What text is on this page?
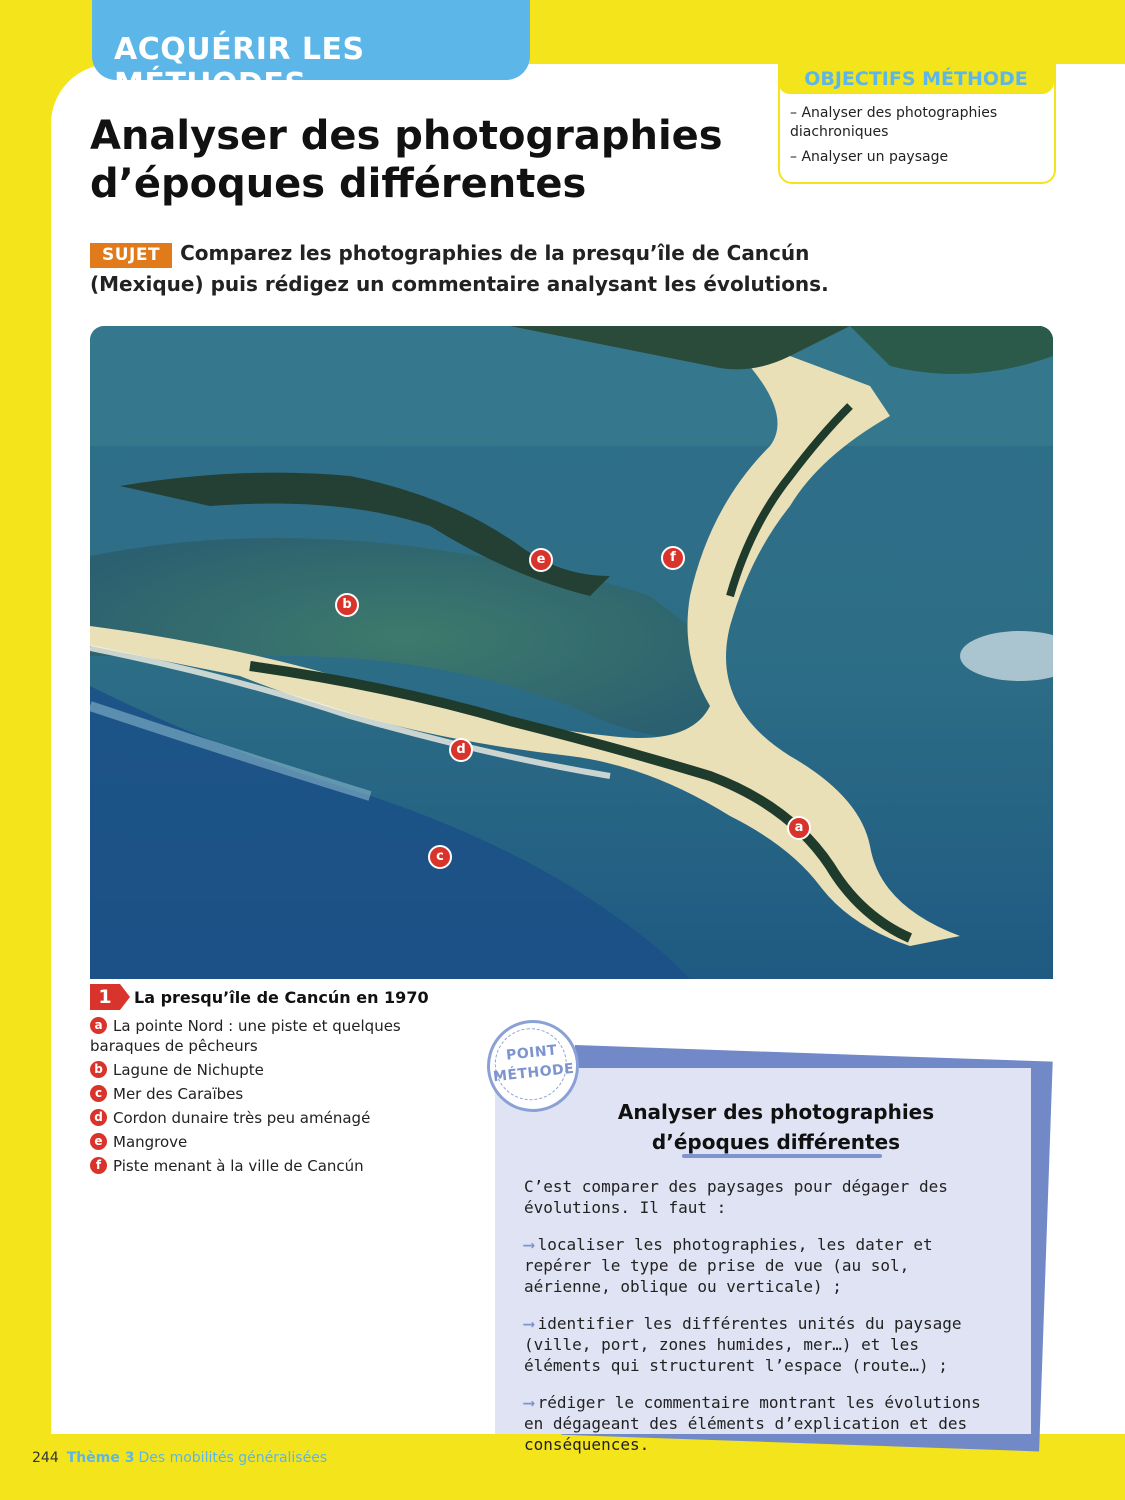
ACQUÉRIR LES MÉTHODES
Analyser des photographies
d’époques différentes
OBJECTIFS MÉTHODE
– Analyser des photographies diachroniques
– Analyser un paysage
SUJET Comparez les photographies de la presqu’île de Cancún (Mexique) puis rédigez un commentaire analysant les évolutions.
a
b
c
d
e	f
1 La presqu’île de Cancún en 1970
a La pointe Nord : une piste et quelques baraques de pêcheurs
b Lagune de Nichupte
c Mer des Caraïbes
d Cordon dunaire très peu aménagé
e Mangrove
f Piste menant à la ville de Cancún
POINT
MÉTHODE
Analyser des photographies
d’époques différentes
C’est comparer des paysages pour dégager des évolutions. Il faut :
⟶ localiser les photographies, les dater et repérer le type de prise de vue (au sol, aérienne, oblique ou verticale) ;
⟶ identifier les différentes unités du paysage (ville, port, zones humides, mer…) et les éléments qui structurent l’espace (route…) ;
⟶ rédiger le commentaire montrant les évolutions en dégageant des éléments d’explication et des conséquences.
244 Thème 3 Des mobilités généralisées
